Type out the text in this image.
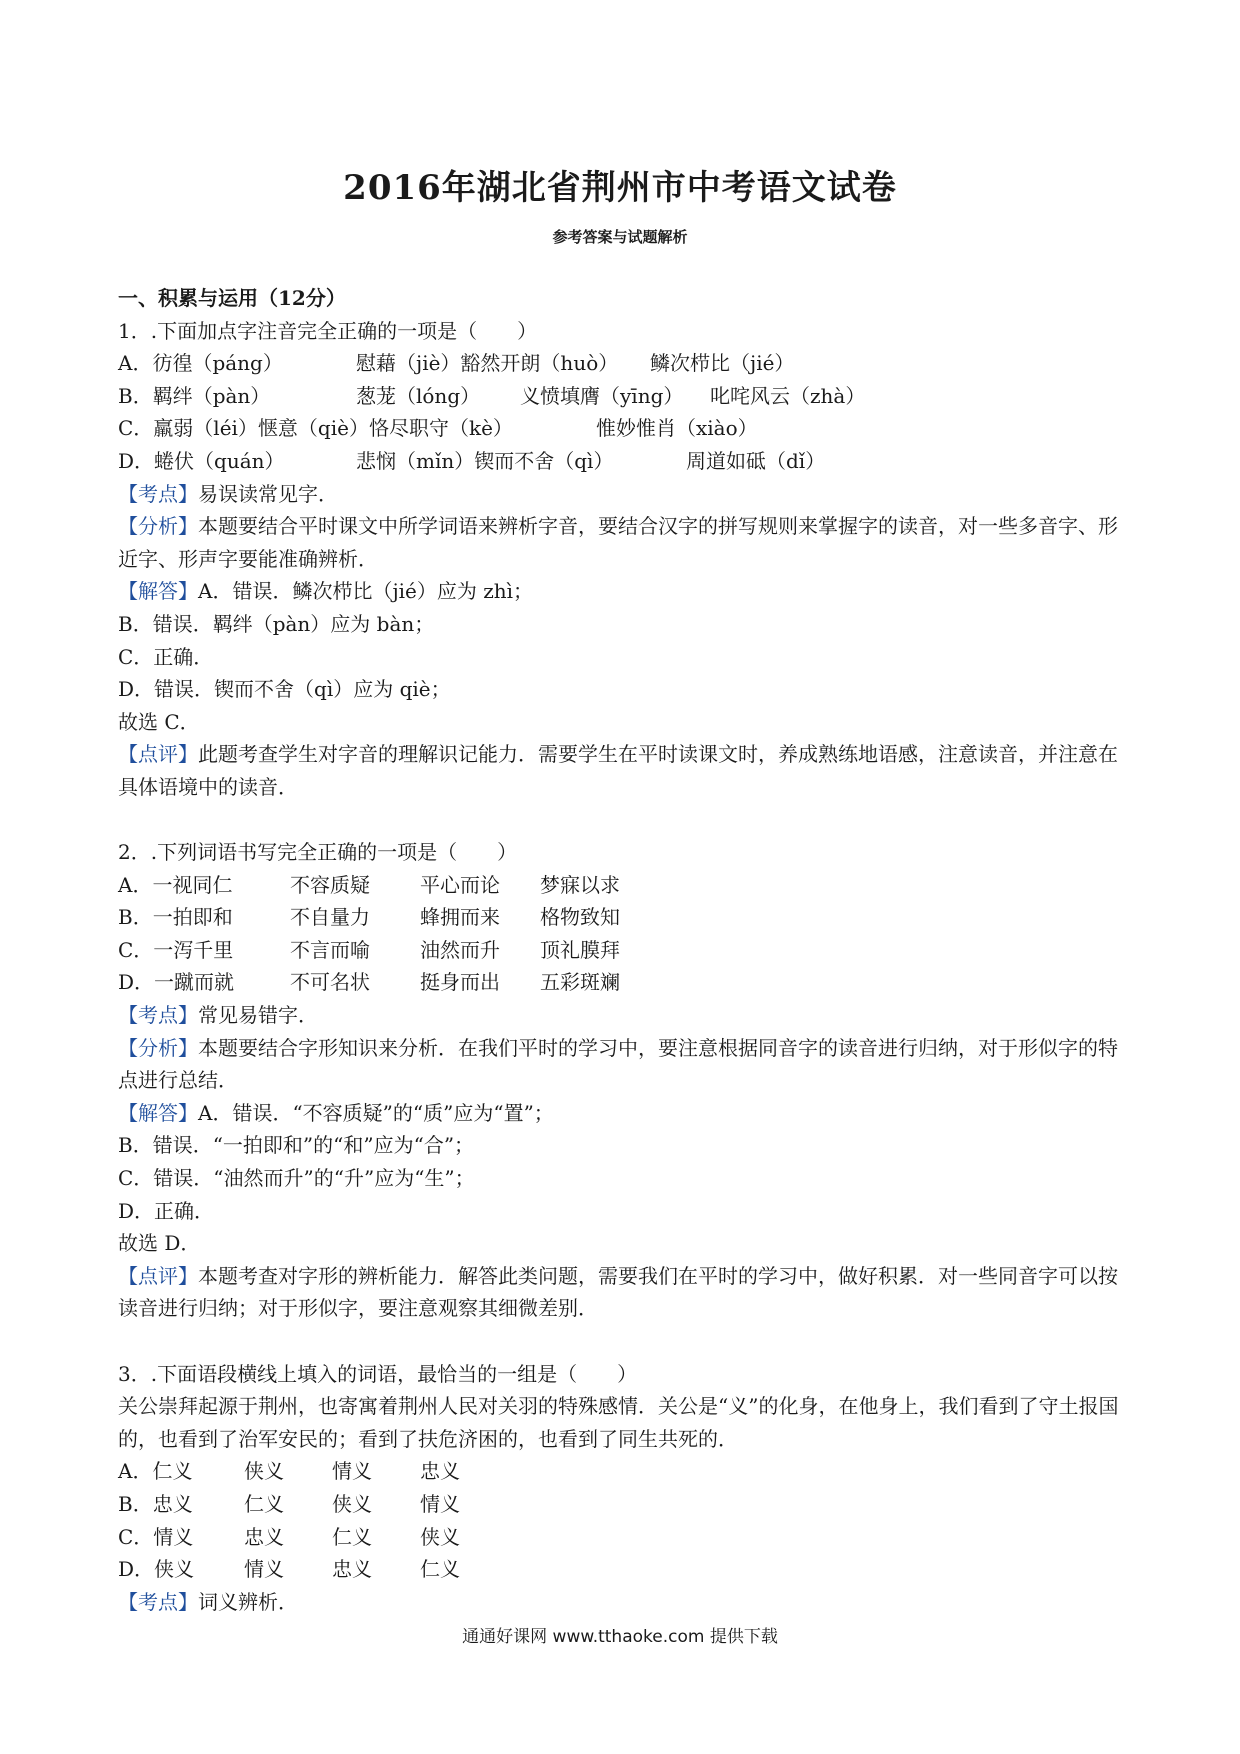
2016年湖北省荆州市中考语文试卷
参考答案与试题解析
一、积累与运用（12分）
1．.下面加点字注音完全正确的一项是（　　）
A．彷徨（páng）	慰藉（jiè）豁然开朗（huò）	鳞次栉比（jié）
B．羁绊（pàn）	葱茏（lóng）	义愤填膺（yīng）	叱咤风云（zhà）
C．羸弱（léi）惬意（qiè）恪尽职守（kè）	惟妙惟肖（xiào）
D．蜷伏（quán）	悲悯（mǐn）锲而不舍（qì）	周道如砥（dǐ）
【考点】易误读常见字．
【分析】本题要结合平时课文中所学词语来辨析字音，要结合汉字的拼写规则来掌握字的读音，对一些多音字、形近字、形声字要能准确辨析．
【解答】A．错误．鳞次栉比（jié）应为 zhì；
B．错误．羁绊（pàn）应为 bàn；
C．正确．
D．错误．锲而不舍（qì）应为 qiè；
故选 C．
【点评】此题考查学生对字音的理解识记能力．需要学生在平时读课文时，养成熟练地语感，注意读音，并注意在具体语境中的读音．
2．.下列词语书写完全正确的一项是（　　）
A．一视同仁	不容质疑	平心而论	梦寐以求
B．一拍即和	不自量力	蜂拥而来	格物致知
C．一泻千里	不言而喻	油然而升	顶礼膜拜
D．一蹴而就	不可名状	挺身而出	五彩斑斓
【考点】常见易错字．
【分析】本题要结合字形知识来分析．在我们平时的学习中，要注意根据同音字的读音进行归纳，对于形似字的特点进行总结．
【解答】A．错误．“不容质疑”的“质”应为“置”；
B．错误．“一拍即和”的“和”应为“合”；
C．错误．“油然而升”的“升”应为“生”；
D．正确．
故选 D．
【点评】本题考查对字形的辨析能力．解答此类问题，需要我们在平时的学习中，做好积累．对一些同音字可以按读音进行归纳；对于形似字，要注意观察其细微差别．
3．.下面语段横线上填入的词语，最恰当的一组是（　　）
关公崇拜起源于荆州，也寄寓着荆州人民对关羽的特殊感情．关公是“义”的化身，在他身上，我们看到了守土报国的，也看到了治军安民的；看到了扶危济困的，也看到了同生共死的．
A．仁义	侠义	情义	忠义
B．忠义	仁义	侠义	情义
C．情义	忠义	仁义	侠义
D．侠义	情义	忠义	仁义
【考点】词义辨析．
通通好课网 www.tthaoke.com 提供下载
